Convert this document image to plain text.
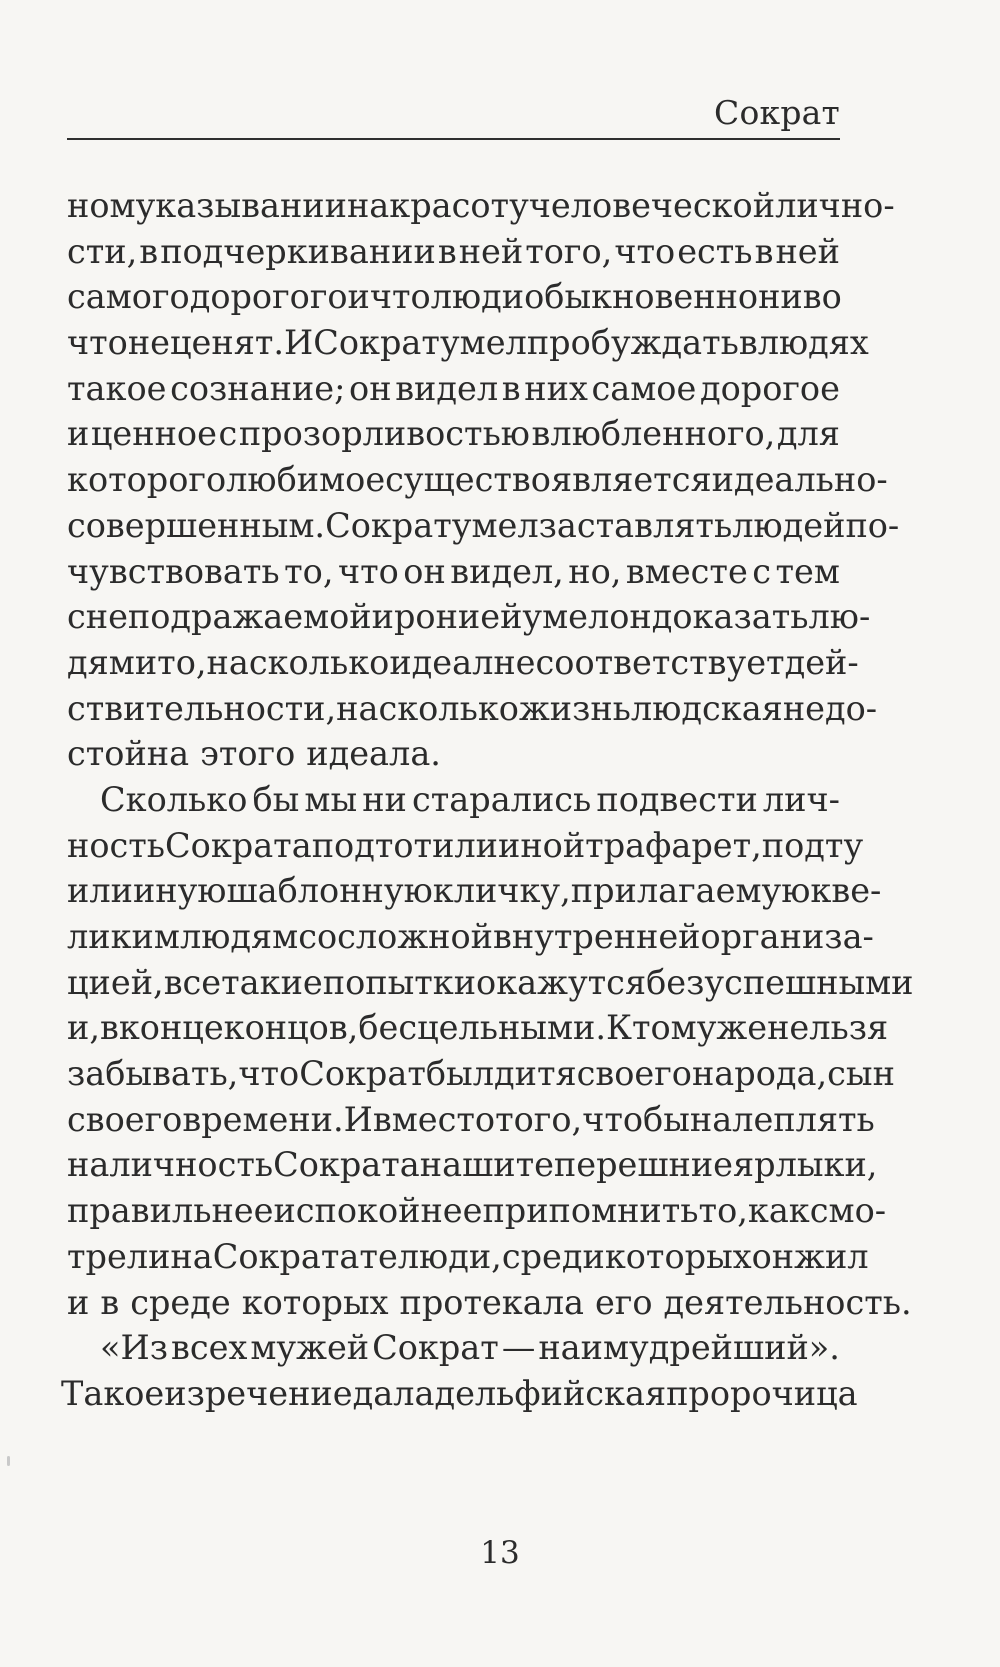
Сократ
ном указывании на красоту человеческой лично-
сти, в подчеркивании в ней того, что есть в ней
самого дорогого и что люди обыкновенно ни во
что не ценят. И Сократ умел пробуждать в людях
такое сознание; он видел в них самое дорогое
и ценное с прозорливостью влюбленного, для
которого любимое существо является идеально-
совершенным. Сократ умел заставлять людей по-
чувствовать то, что он видел, но, вместе с тем
с неподражаемой иронией умел он доказать лю-
дям и то, насколько идеал не соответствует дей-
ствительности, насколько жизнь людская не до-
стойна этого идеала.
Сколько бы мы ни старались подвести лич-
ность Сократа под тот или иной трафарет, под ту
или иную шаблонную кличку, прилагаемую к ве-
ликим людям со сложной внутренней организа-
цией, все такие попытки окажутся безуспешными
и, в конце концов, бесцельными. К тому же нельзя
забывать, что Сократ был дитя своего народа, сын
своего времени. И вместо того, чтобы налеплять
на личность Сократа наши теперешние ярлыки,
правильнее и спокойнее припомнить то, как смо-
трели на Сократа те люди, среди которых он жил
и в среде которых протекала его деятельность.
«Из всех мужей Сократ — наимудрейший».
Такое изречение дала дельфийская пророчица
13
